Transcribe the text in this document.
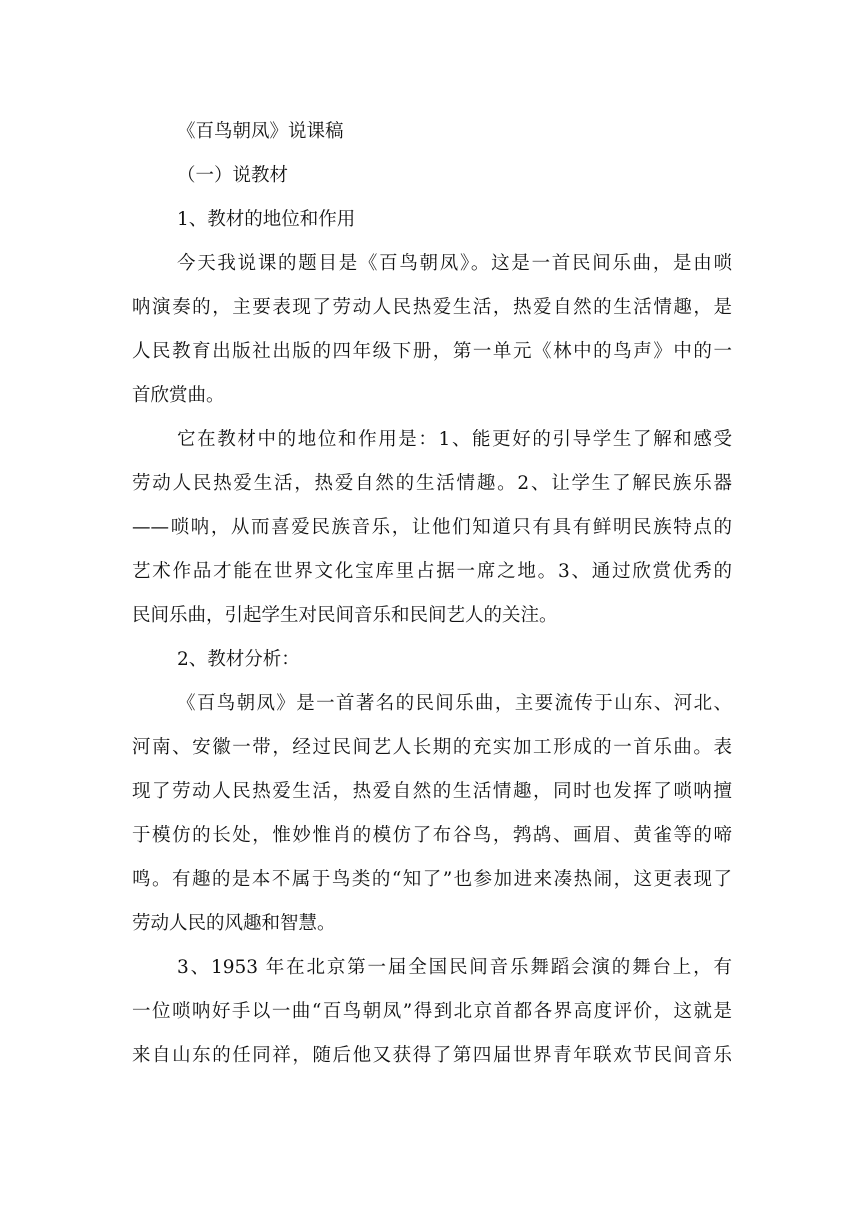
《百鸟朝凤》说课稿

（一）说教材

1、教材的地位和作用

今天我说课的题目是《百鸟朝凤》。这是一首民间乐曲，是由唢

呐演奏的，主要表现了劳动人民热爱生活，热爱自然的生活情趣，是

人民教育出版社出版的四年级下册，第一单元《林中的鸟声》中的一

首欣赏曲。

它在教材中的地位和作用是：1、能更好的引导学生了解和感受

劳动人民热爱生活，热爱自然的生活情趣。2、让学生了解民族乐器

——唢呐，从而喜爱民族音乐，让他们知道只有具有鲜明民族特点的

艺术作品才能在世界文化宝库里占据一席之地。3、通过欣赏优秀的

民间乐曲，引起学生对民间音乐和民间艺人的关注。

2、教材分析：

《百鸟朝凤》是一首著名的民间乐曲，主要流传于山东、河北、

河南、安徽一带，经过民间艺人长期的充实加工形成的一首乐曲。表

现了劳动人民热爱生活，热爱自然的生活情趣，同时也发挥了唢呐擅

于模仿的长处，惟妙惟肖的模仿了布谷鸟，鹁鸪、画眉、黄雀等的啼

鸣。有趣的是本不属于鸟类的“知了”也参加进来凑热闹，这更表现了

劳动人民的风趣和智慧。

3、1953 年在北京第一届全国民间音乐舞蹈会演的舞台上，有

一位唢呐好手以一曲“百鸟朝凤”得到北京首都各界高度评价，这就是

来自山东的任同祥，随后他又获得了第四届世界青年联欢节民间音乐
